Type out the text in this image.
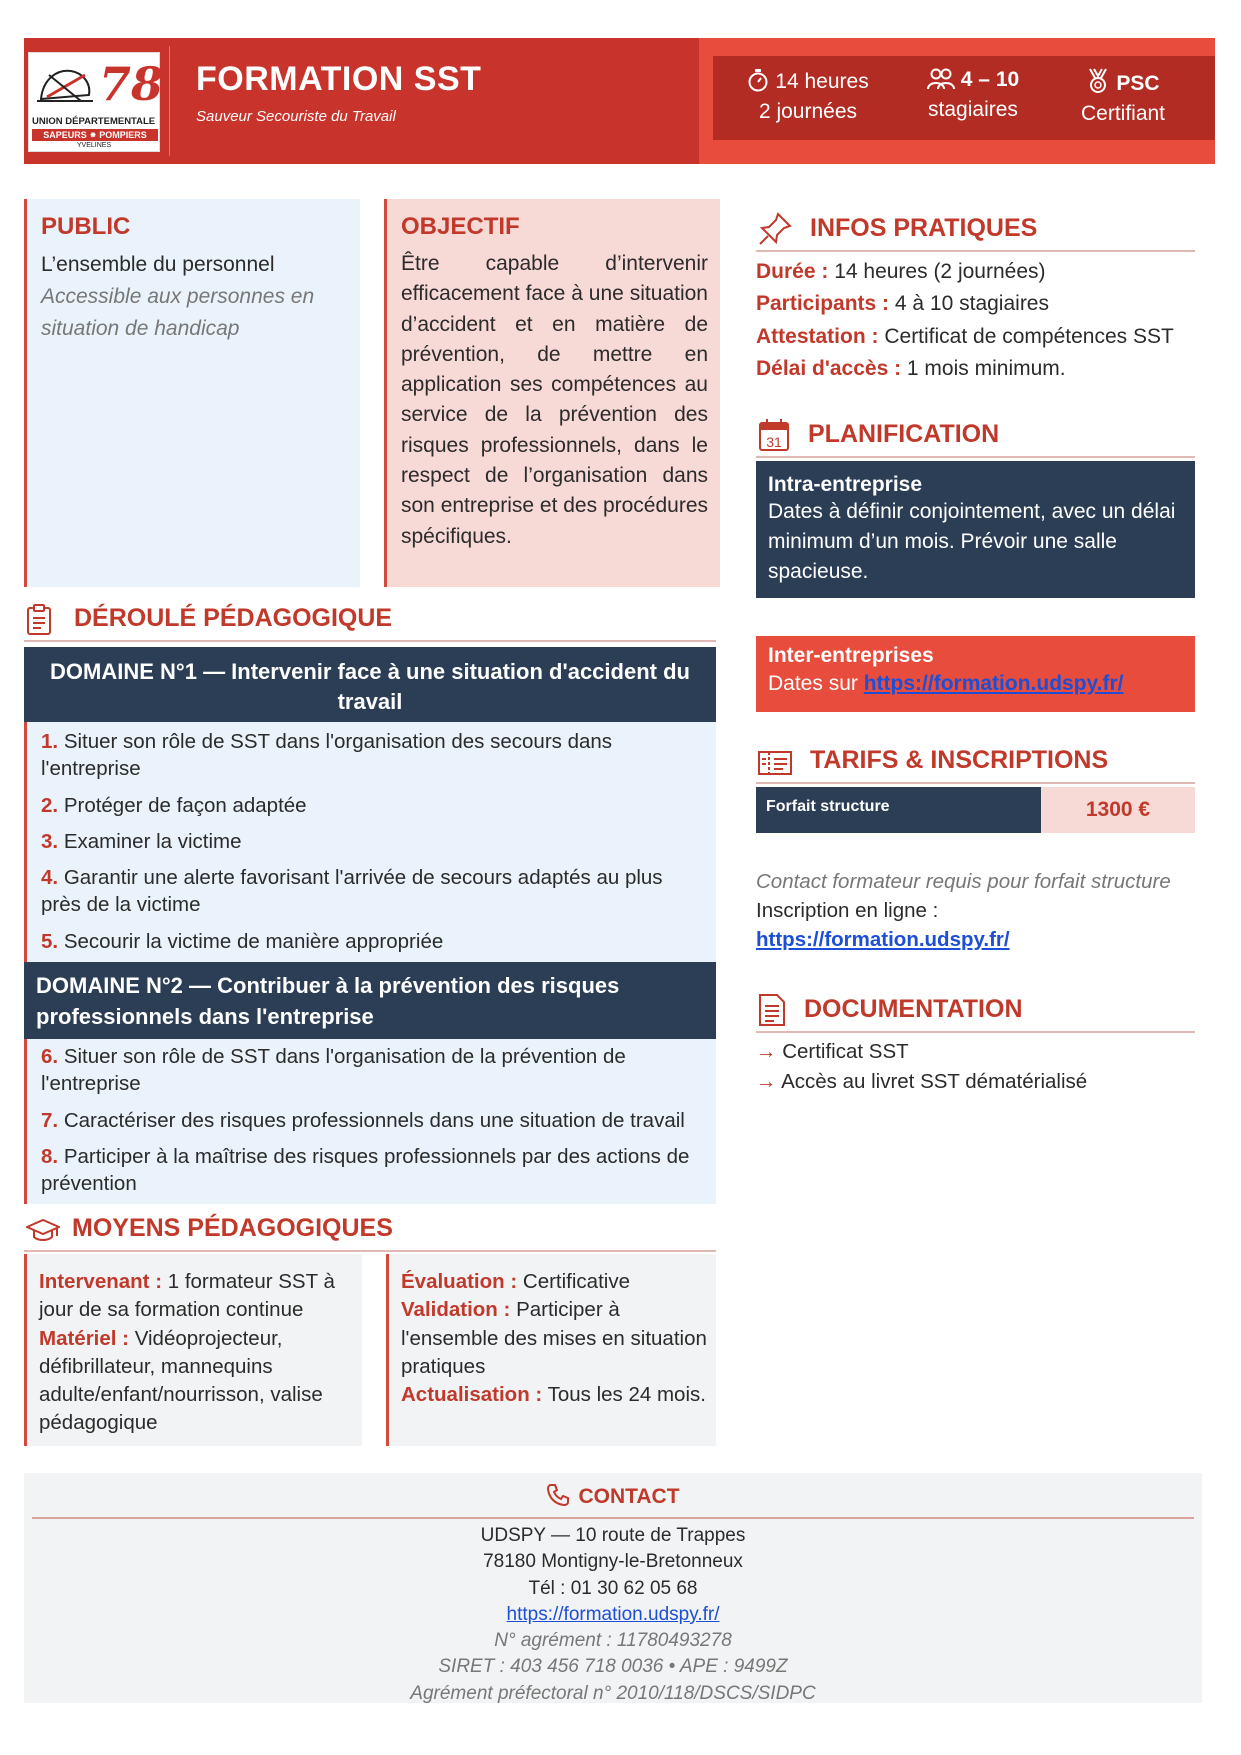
78
UNION DÉPARTEMENTALE
SAPEURS ⁕ POMPIERS
YVELINES
FORMATION SST
Sauveur Secouriste du Travail
14 heures
2 journées
4 – 10
stagiaires
PSC
Certifiant
PUBLIC

L’ensemble du personnel

Accessible aux personnes en situation de handicap

OBJECTIF

Être capable d’intervenir efficacement face à une situation d’accident et en matière de prévention, de mettre en application ses compétences au service de la prévention des risques professionnels, dans le respect de l’organisation dans son entreprise et des procédures spécifiques.

DÉROULÉ PÉDAGOGIQUE
DOMAINE N°1 — Intervenir face à une situation d'accident du travail
1. Situer son rôle de SST dans l'organisation des secours dans l'entreprise
2. Protéger de façon adaptée
3. Examiner la victime
4. Garantir une alerte favorisant l'arrivée de secours adaptés au plus près de la victime
5. Secourir la victime de manière appropriée
DOMAINE N°2 — Contribuer à la prévention des risques professionnels dans l'entreprise
6. Situer son rôle de SST dans l'organisation de la prévention de l'entreprise
7. Caractériser des risques professionnels dans une situation de travail
8. Participer à la maîtrise des risques professionnels par des actions de prévention
MOYENS PÉDAGOGIQUES
Intervenant : 1 formateur SST à jour de sa formation continue
Matériel : Vidéoprojecteur, défibrillateur, mannequins adulte/enfant/nourrisson, valise pédagogique
Évaluation : Certificative
Validation : Participer à l'ensemble des mises en situation pratiques
Actualisation : Tous les 24 mois.
INFOS PRATIQUES

Durée : 14 heures (2 journées)

Participants : 4 à 10 stagiaires

Attestation : Certificat de compétences SST

Délai d'accès : 1 mois minimum.

31 PLANIFICATION
Intra-entreprise

Dates à définir conjointement, avec un délai minimum d’un mois. Prévoir une salle spacieuse.

Inter-entreprises

Dates sur https://formation.udspy.fr/

TARIFS & INSCRIPTIONS
Forfait structure	1300 €
Contact formateur requis pour forfait structure
Inscription en ligne :
https://formation.udspy.fr/
DOCUMENTATION
→ Certificat SST
→ Accès au livret SST dématérialisé
CONTACT
UDSPY — 10 route de Trappes
78180 Montigny-le-Bretonneux
Tél : 01 30 62 05 68
https://formation.udspy.fr/
N° agrément : 11780493278
SIRET : 403 456 718 0036 • APE : 9499Z
Agrément préfectoral n° 2010/118/DSCS/SIDPC
